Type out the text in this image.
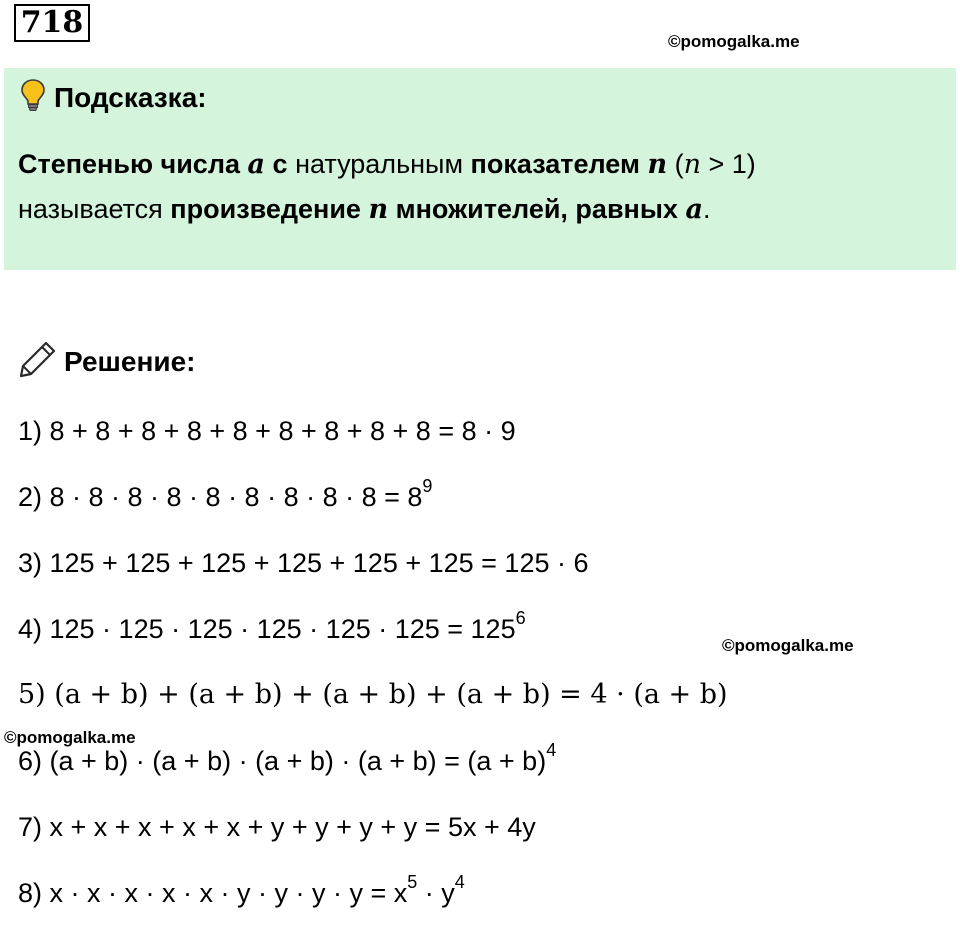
718
©pomogalka.me
Подсказка:
Степенью числа a с натуральным показателем n (n > 1)
называется произведение n множителей, равных a.
Решение:
©pomogalka.me
©pomogalka.me
1) 8 + 8 + 8 + 8 + 8 + 8 + 8 + 8 + 8 = 8 · 9
2) $8 \cdot 8 \cdot 8 \cdot 8 \cdot 8 \cdot 8 \cdot 8 \cdot 8 \cdot 8 = 8^9$
3) 125 + 125 + 125 + 125 + 125 + 125 = 125 · 6
4) $125 \cdot 125 \cdot 125 \cdot 125 \cdot 125 \cdot 125 = 125^6$
5) (a + b) + (a + b) + (a + b) + (a + b) = 4 · (a + b)
6) $(a + b) \cdot (a + b) \cdot (a + b) \cdot (a + b) = (a + b)^4$
7) x + x + x + x + x + y + y + y + y = 5x + 4y
8) $x \cdot x \cdot x \cdot x \cdot x \cdot y \cdot y \cdot y \cdot y = x^5 \cdot y^4$
